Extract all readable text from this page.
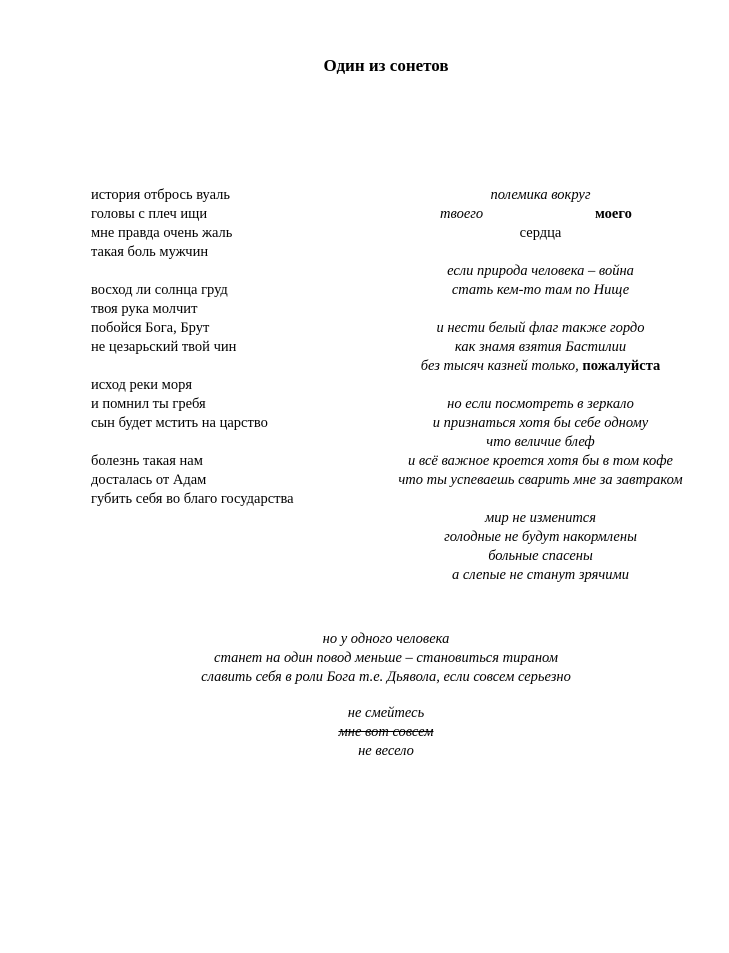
Один из сонетов
история отбрось вуаль
головы с плеч ищи
мне правда очень жаль
такая боль мужчин
восход ли солнца груд
твоя рука молчит
побойся Бога, Брут
не цезарьский твой чин
исход реки моря
и помнил ты гребя
сын будет мстить на царство
болезнь такая нам
досталась от Адам
губить себя во благо государства
полемика вокруг
твоего	моего
сердца
если природа человека – война
стать кем-то там по Нище
и нести белый флаг также гордо
как знамя взятия Бастилии
без тысяч казней только, пожалуйста
но если посмотреть в зеркало
и признаться хотя бы себе одному
что величие блеф
и всё важное кроется хотя бы в том кофе
что ты успеваешь сварить мне за завтраком
мир не изменится
голодные не будут накормлены
больные спасены
а слепые не станут зрячими
но у одного человека
станет на один повод меньше – становиться тираном
славить себя в роли Бога т.е. Дьявола, если совсем серьезно
не смейтесь
мне вот совсем
не весело
